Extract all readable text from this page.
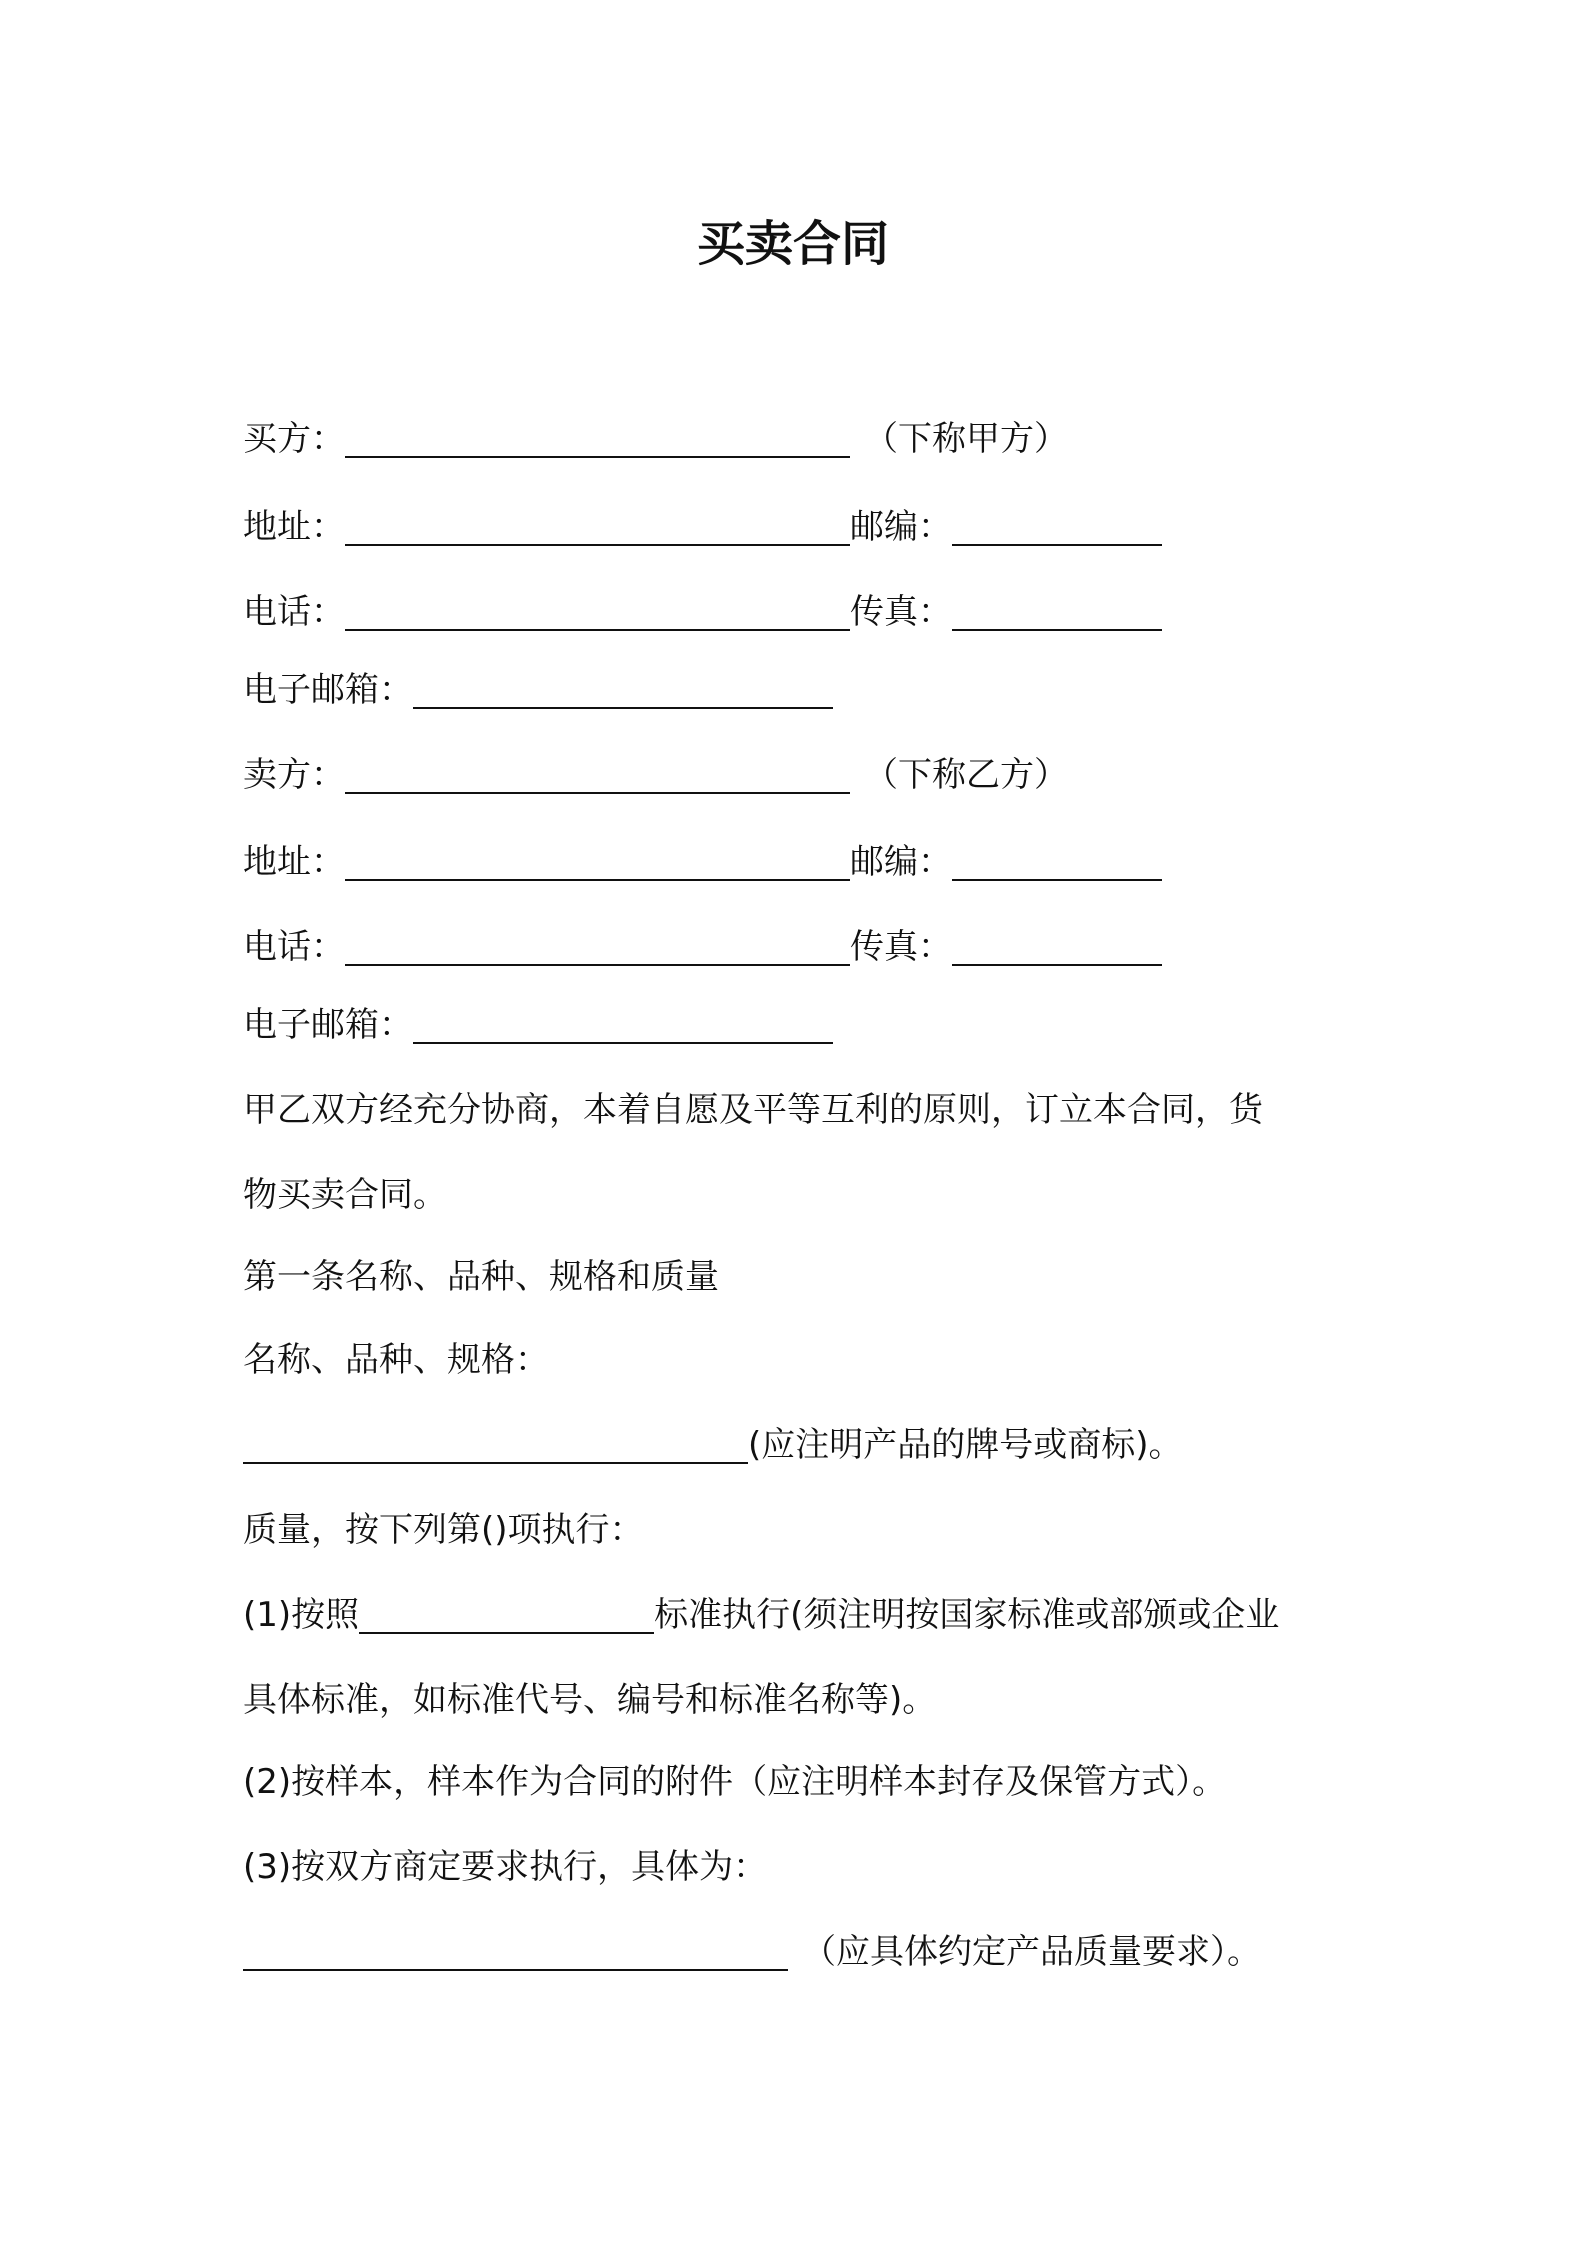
买卖合同
买方：	（下称甲方）
地址：	邮编：
电话：	传真：
电子邮箱：
卖方：	（下称乙方）
地址：	邮编：
电话：	传真：
电子邮箱：
甲乙双方经充分协商，本着自愿及平等互利的原则，订立本合同，货
物买卖合同。
第一条名称、品种、规格和质量
名称、品种、规格：
(应注明产品的牌号或商标)。
质量，按下列第()项执行：
(1)按照	标准执行(须注明按国家标准或部颁或企业
具体标准，如标准代号、编号和标准名称等)。
(2)按样本，样本作为合同的附件（应注明样本封存及保管方式）。
(3)按双方商定要求执行，具体为：
（应具体约定产品质量要求）。
